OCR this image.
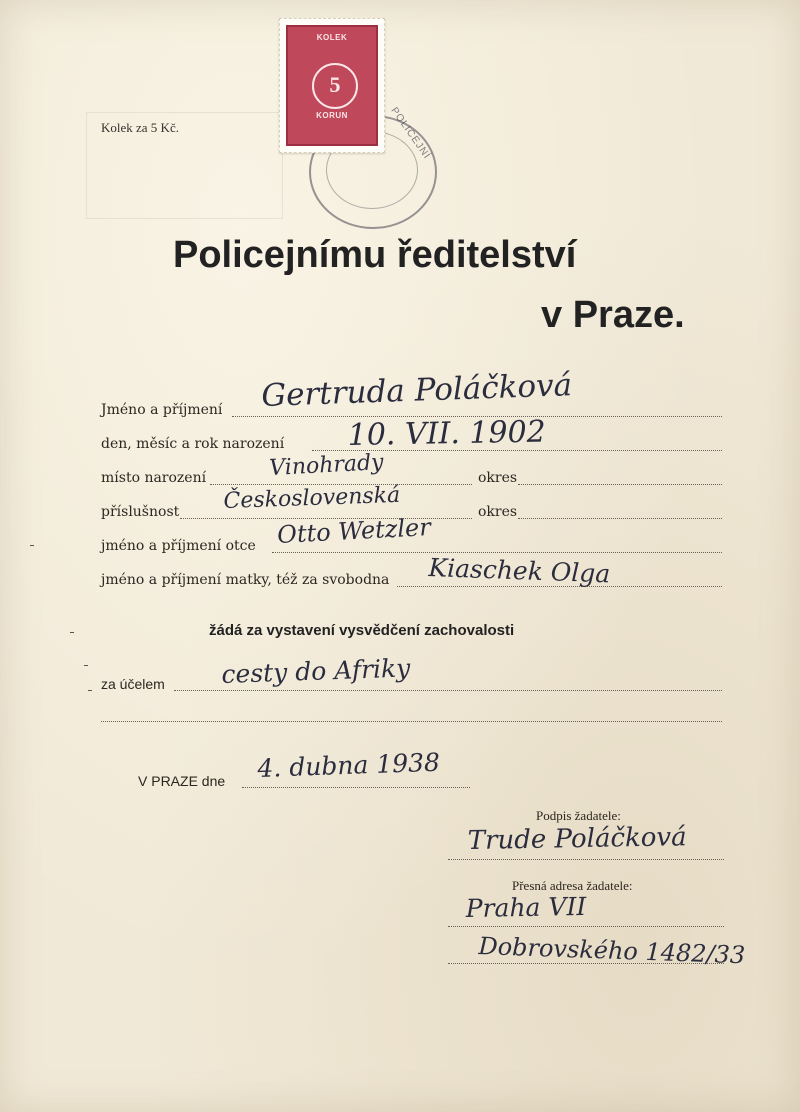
Kolek za 5 Kč.	POLICEJNÍ
KOLEK
5
KORUN
Policejnímu ředitelství
v Praze.
Jméno a příjmení Gertruda Poláčková
den, měsíc a rok narození 10. VII. 1902
místo narození	Vinohrady	okres
příslušnost Československá	okres
jméno a příjmení otce Otto Wetzler
jméno a příjmení matky, též za svobodna Kiaschek Olga
žádá za vystavení vysvědčení zachovalosti
za účelem cesty do Afriky
V PRAZE dne 4. dubna 1938
Podpis žadatele:
Trude Poláčková
Přesná adresa žadatele:
Praha VII
Dobrovského 1482/33
